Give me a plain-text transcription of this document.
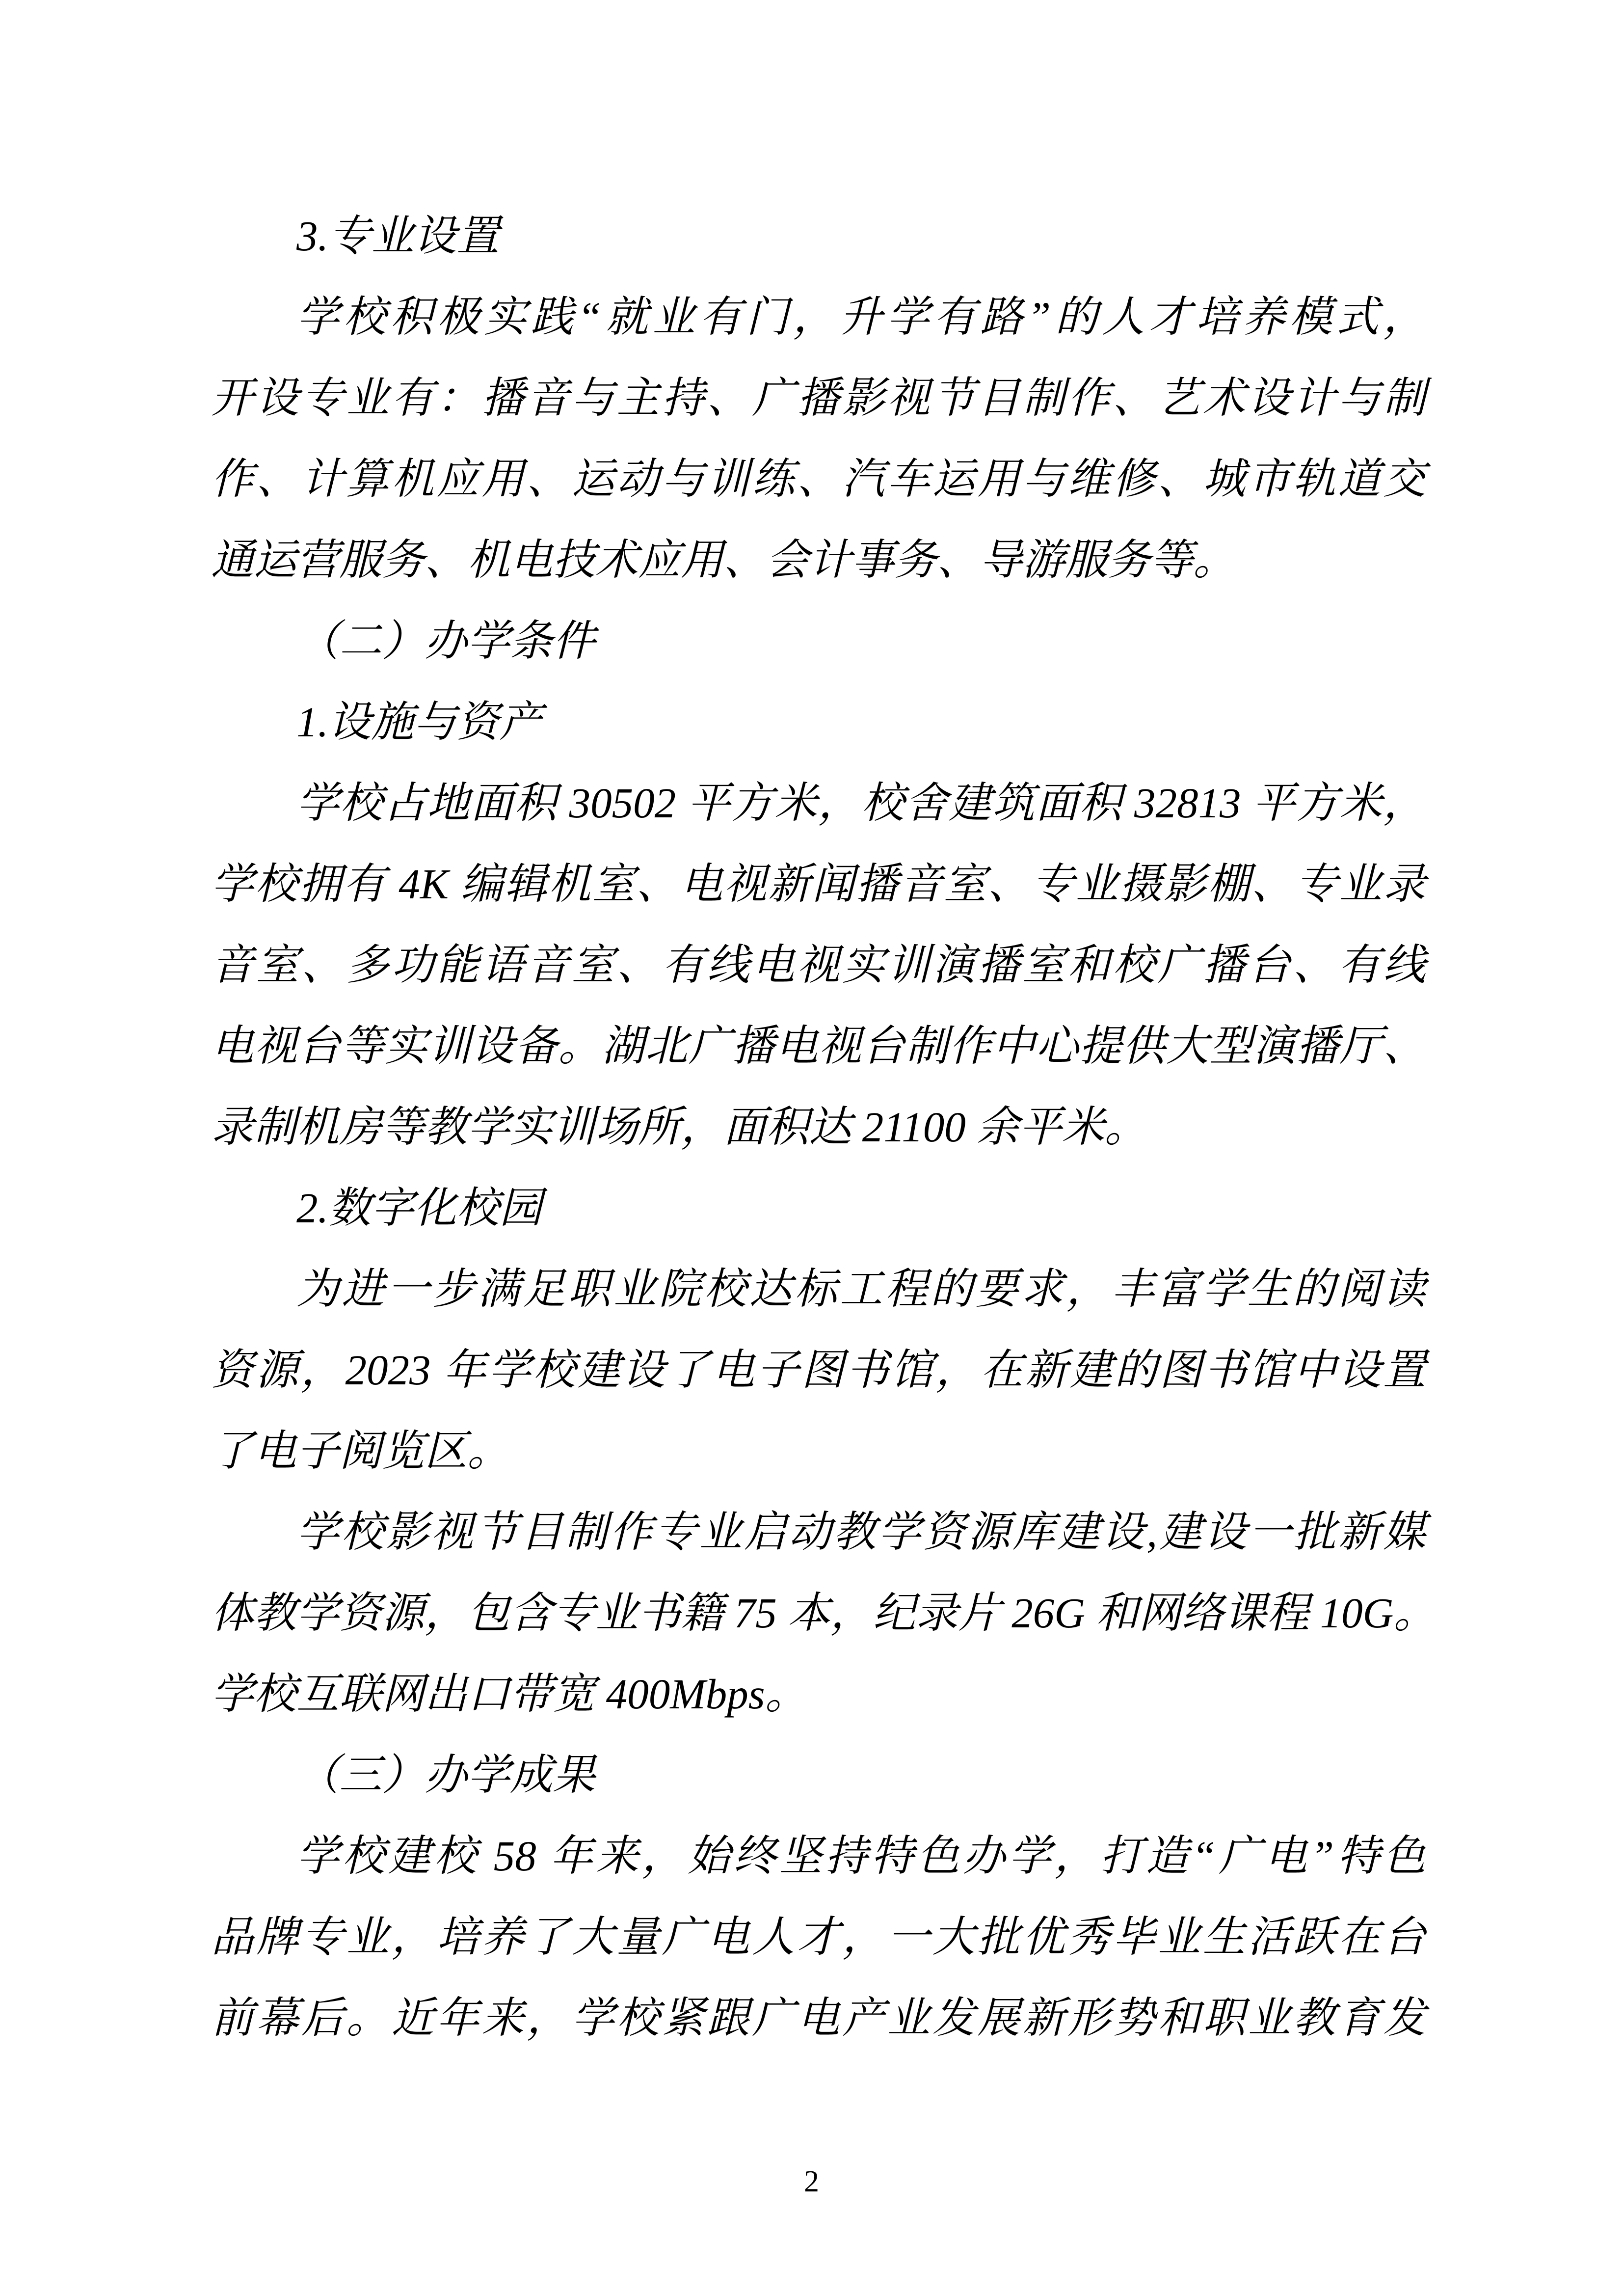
3.专业设置
学校积极实践“就业有门，升学有路”的人才培养模式，
开设专业有：播音与主持、广播影视节目制作、艺术设计与制
作、计算机应用、运动与训练、汽车运用与维修、城市轨道交
通运营服务、机电技术应用、会计事务、导游服务等。
（二）办学条件
1.设施与资产
学校占地面积 30502 平方米，校舍建筑面积 32813 平方米，
学校拥有 4K 编辑机室、电视新闻播音室、专业摄影棚、专业录
音室、多功能语音室、有线电视实训演播室和校广播台、有线
电视台等实训设备。湖北广播电视台制作中心提供大型演播厅、
录制机房等教学实训场所，面积达 21100 余平米。
2.数字化校园
为进一步满足职业院校达标工程的要求，丰富学生的阅读
资源，2023 年学校建设了电子图书馆，在新建的图书馆中设置
了电子阅览区。
学校影视节目制作专业启动教学资源库建设,建设一批新媒
体教学资源，包含专业书籍 75 本，纪录片 26G 和网络课程 10G。
学校互联网出口带宽 400Mbps。
（三）办学成果
学校建校 58 年来，始终坚持特色办学，打造“广电”特色
品牌专业，培养了大量广电人才，一大批优秀毕业生活跃在台
前幕后。近年来，学校紧跟广电产业发展新形势和职业教育发
2
